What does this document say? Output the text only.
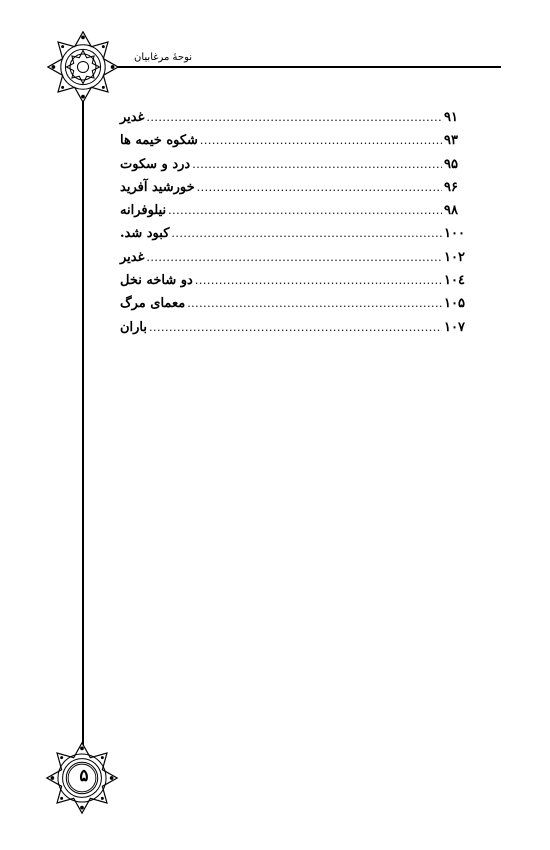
نوحهٔ مرغابیان
۵
غدیر .....	۹۱
شکوه خیمه ها .....	۹۳
درد و سکوت .....	۹۵
خورشید آفرید .....	۹۶
نیلوفرانه .....	۹۸
کبود شد. .....	۱۰۰
غدیر .....	۱۰۲
دو شاخه نخل .....	۱۰٤
معمای مرگ .....	۱۰۵
باران .....	۱۰۷
